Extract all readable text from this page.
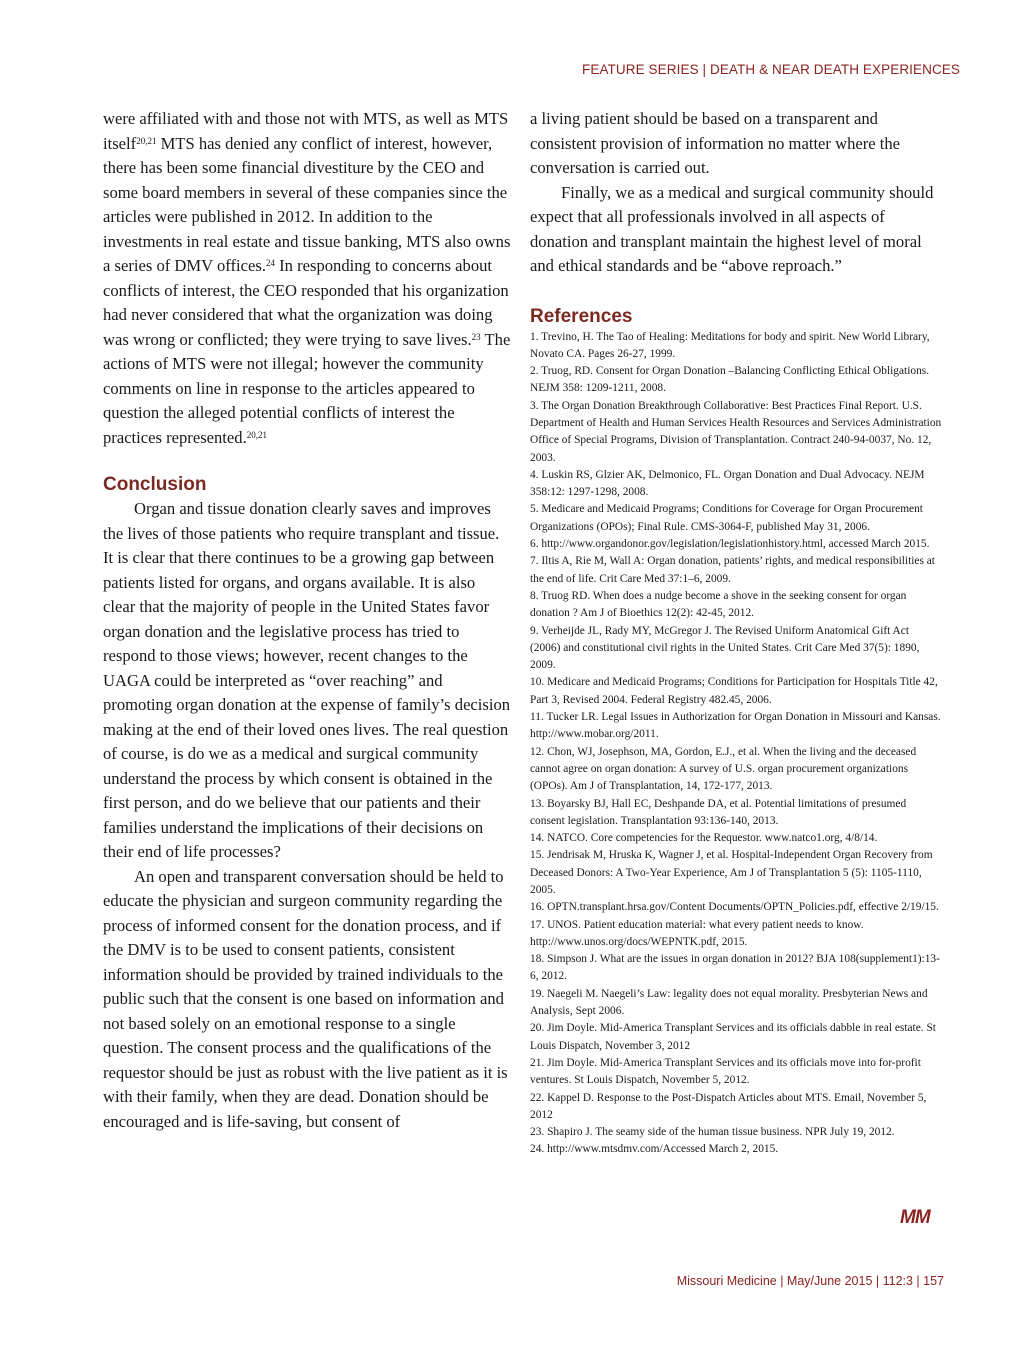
FEATURE SERIES | DEATH & NEAR DEATH EXPERIENCES

were affiliated with and those not with MTS, as well as MTS itself$^{20,21}$ MTS has denied any conflict of interest, however, there has been some financial divestiture by the CEO and some board members in several of these companies since the articles were published in 2012. In addition to the investments in real estate and tissue banking, MTS also owns a series of DMV offices.$^{24}$ In responding to concerns about conflicts of interest, the CEO responded that his organization had never considered that what the organization was doing was wrong or conflicted; they were trying to save lives.$^{23}$ The actions of MTS were not illegal; however the community comments on line in response to the articles appeared to question the alleged potential conflicts of interest the practices represented.$^{20,21}$

Conclusion

Organ and tissue donation clearly saves and improves the lives of those patients who require transplant and tissue. It is clear that there continues to be a growing gap between patients listed for organs, and organs available. It is also clear that the majority of people in the United States favor organ donation and the legislative process has tried to respond to those views; however, recent changes to the UAGA could be interpreted as “over reaching” and promoting organ donation at the expense of family’s decision making at the end of their loved ones lives. The real question of course, is do we as a medical and surgical community understand the process by which consent is obtained in the first person, and do we believe that our patients and their families understand the implications of their decisions on their end of life processes?

An open and transparent conversation should be held to educate the physician and surgeon community regarding the process of informed consent for the donation process, and if the DMV is to be used to consent patients, consistent information should be provided by trained individuals to the public such that the consent is one based on information and not based solely on an emotional response to a single question. The consent process and the qualifications of the requestor should be just as robust with the live patient as it is with their family, when they are dead. Donation should be encouraged and is life-saving, but consent of

a living patient should be based on a transparent and consistent provision of information no matter where the conversation is carried out.

Finally, we as a medical and surgical community should expect that all professionals involved in all aspects of donation and transplant maintain the highest level of moral and ethical standards and be “above reproach.”

References
1. Trevino, H. The Tao of Healing: Meditations for body and spirit. New World Library, Novato CA. Pages 26-27, 1999.
2. Truog, RD. Consent for Organ Donation –Balancing Conflicting Ethical Obligations. NEJM 358: 1209-1211, 2008.
3. The Organ Donation Breakthrough Collaborative: Best Practices Final Report. U.S. Department of Health and Human Services Health Resources and Services Administration Office of Special Programs, Division of Transplantation. Contract 240-94-0037, No. 12, 2003.
4. Luskin RS, Glzier AK, Delmonico, FL. Organ Donation and Dual Advocacy. NEJM 358:12: 1297-1298, 2008.
5. Medicare and Medicaid Programs; Conditions for Coverage for Organ Procurement Organizations (OPOs); Final Rule. CMS-3064-F, published May 31, 2006.
6. http://www.organdonor.gov/legislation/legislationhistory.html, accessed March 2015.
7. Iltis A, Rie M, Wall A: Organ donation, patients’ rights, and medical responsibilities at the end of life. Crit Care Med 37:1–6, 2009.
8. Truog RD. When does a nudge become a shove in the seeking consent for organ donation ? Am J of Bioethics 12(2): 42-45, 2012.
9. Verheijde JL, Rady MY, McGregor J. The Revised Uniform Anatomical Gift Act (2006) and constitutional civil rights in the United States. Crit Care Med 37(5): 1890, 2009.
10. Medicare and Medicaid Programs; Conditions for Participation for Hospitals Title 42, Part 3, Revised 2004. Federal Registry 482.45, 2006.
11. Tucker LR. Legal Issues in Authorization for Organ Donation in Missouri and Kansas. http://www.mobar.org/2011.
12. Chon, WJ, Josephson, MA, Gordon, E.J., et al. When the living and the deceased cannot agree on organ donation: A survey of U.S. organ procurement organizations (OPOs). Am J of Transplantation, 14, 172-177, 2013.
13. Boyarsky BJ, Hall EC, Deshpande DA, et al. Potential limitations of presumed consent legislation. Transplantation 93:136-140, 2013.
14. NATCO. Core competencies for the Requestor. www.natco1.org, 4/8/14.
15. Jendrisak M, Hruska K, Wagner J, et al. Hospital-Independent Organ Recovery from Deceased Donors: A Two-Year Experience, Am J of Transplantation 5 (5): 1105-1110, 2005.
16. OPTN.transplant.hrsa.gov/Content Documents/OPTN_Policies.pdf, effective 2/19/15.
17. UNOS. Patient education material: what every patient needs to know. http://www.unos.org/docs/WEPNTK.pdf, 2015.
18. Simpson J. What are the issues in organ donation in 2012? BJA 108(supplement1):13-6, 2012.
19. Naegeli M. Naegeli’s Law: legality does not equal morality. Presbyterian News and Analysis, Sept 2006.
20. Jim Doyle. Mid-America Transplant Services and its officials dabble in real estate. St Louis Dispatch, November 3, 2012
21. Jim Doyle. Mid-America Transplant Services and its officials move into for-profit ventures. St Louis Dispatch, November 5, 2012.
22. Kappel D. Response to the Post-Dispatch Articles about MTS. Email, November 5, 2012
23. Shapiro J. The seamy side of the human tissue business. NPR July 19, 2012.
24. http://www.mtsdmv.com/Accessed March 2, 2015.
MM
Missouri Medicine | May/June 2015 | 112:3 | 157
